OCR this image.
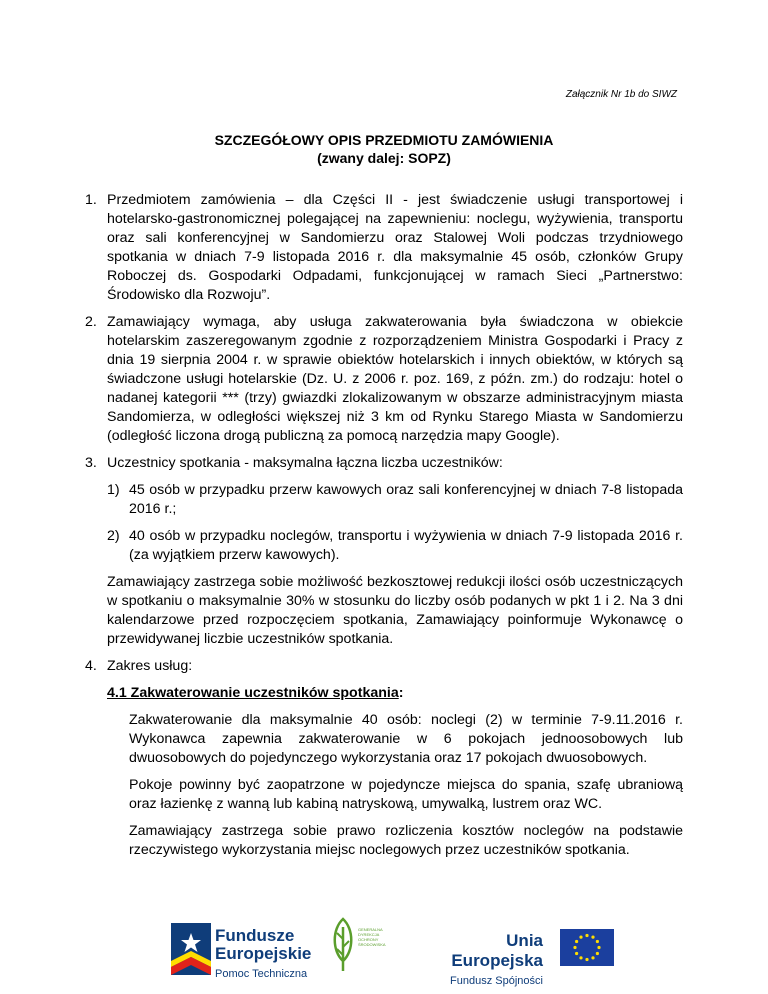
Załącznik Nr 1b do SIWZ
SZCZEGÓŁOWY OPIS PRZEDMIOTU ZAMÓWIENIA
(zwany dalej: SOPZ)
1. Przedmiotem zamówienia – dla Części II - jest świadczenie usługi transportowej i hotelarsko-gastronomicznej polegającej na zapewnieniu: noclegu, wyżywienia, transportu oraz sali konferencyjnej w Sandomierzu oraz Stalowej Woli podczas trzydniowego spotkania w dniach 7-9 listopada 2016 r. dla maksymalnie 45 osób, członków Grupy Roboczej ds. Gospodarki Odpadami, funkcjonującej w ramach Sieci „Partnerstwo: Środowisko dla Rozwoju”.
2. Zamawiający wymaga, aby usługa zakwaterowania była świadczona w obiekcie hotelarskim zaszeregowanym zgodnie z rozporządzeniem Ministra Gospodarki i Pracy z dnia 19 sierpnia 2004 r. w sprawie obiektów hotelarskich i innych obiektów, w których są świadczone usługi hotelarskie (Dz. U. z 2006 r. poz. 169, z późn. zm.) do rodzaju: hotel o nadanej kategorii *** (trzy) gwiazdki zlokalizowanym w obszarze administracyjnym miasta Sandomierza, w odległości większej niż 3 km od Rynku Starego Miasta w Sandomierzu (odległość liczona drogą publiczną za pomocą narzędzia mapy Google).
3. Uczestnicy spotkania - maksymalna łączna liczba uczestników:
1) 45 osób w przypadku przerw kawowych oraz sali konferencyjnej w dniach 7-8 listopada 2016 r.;
2) 40 osób w przypadku noclegów, transportu i wyżywienia w dniach 7-9 listopada 2016 r. (za wyjątkiem przerw kawowych).
Zamawiający zastrzega sobie możliwość bezkosztowej redukcji ilości osób uczestniczących w spotkaniu o maksymalnie 30% w stosunku do liczby osób podanych w pkt 1 i 2. Na 3 dni kalendarzowe przed rozpoczęciem spotkania, Zamawiający poinformuje Wykonawcę o przewidywanej liczbie uczestników spotkania.
4. Zakres usług:
4.1 Zakwaterowanie uczestników spotkania:
Zakwaterowanie dla maksymalnie 40 osób: noclegi (2) w terminie 7-9.11.2016 r. Wykonawca zapewnia zakwaterowanie w 6 pokojach jednoosobowych lub dwuosobowych do pojedynczego wykorzystania oraz 17 pokojach dwuosobowych.
Pokoje powinny być zaopatrzone w pojedyncze miejsca do spania, szafę ubraniową oraz łazienkę z wanną lub kabiną natryskową, umywalką, lustrem oraz WC.
Zamawiający zastrzega sobie prawo rozliczenia kosztów noclegów na podstawie rzeczywistego wykorzystania miejsc noclegowych przez uczestników spotkania.
Fundusze
Europejskie
Pomoc Techniczna
GENERALNA DYREKCJA OCHRONY ŚRODOWISKA	Unia Europejska
Fundusz Spójności
